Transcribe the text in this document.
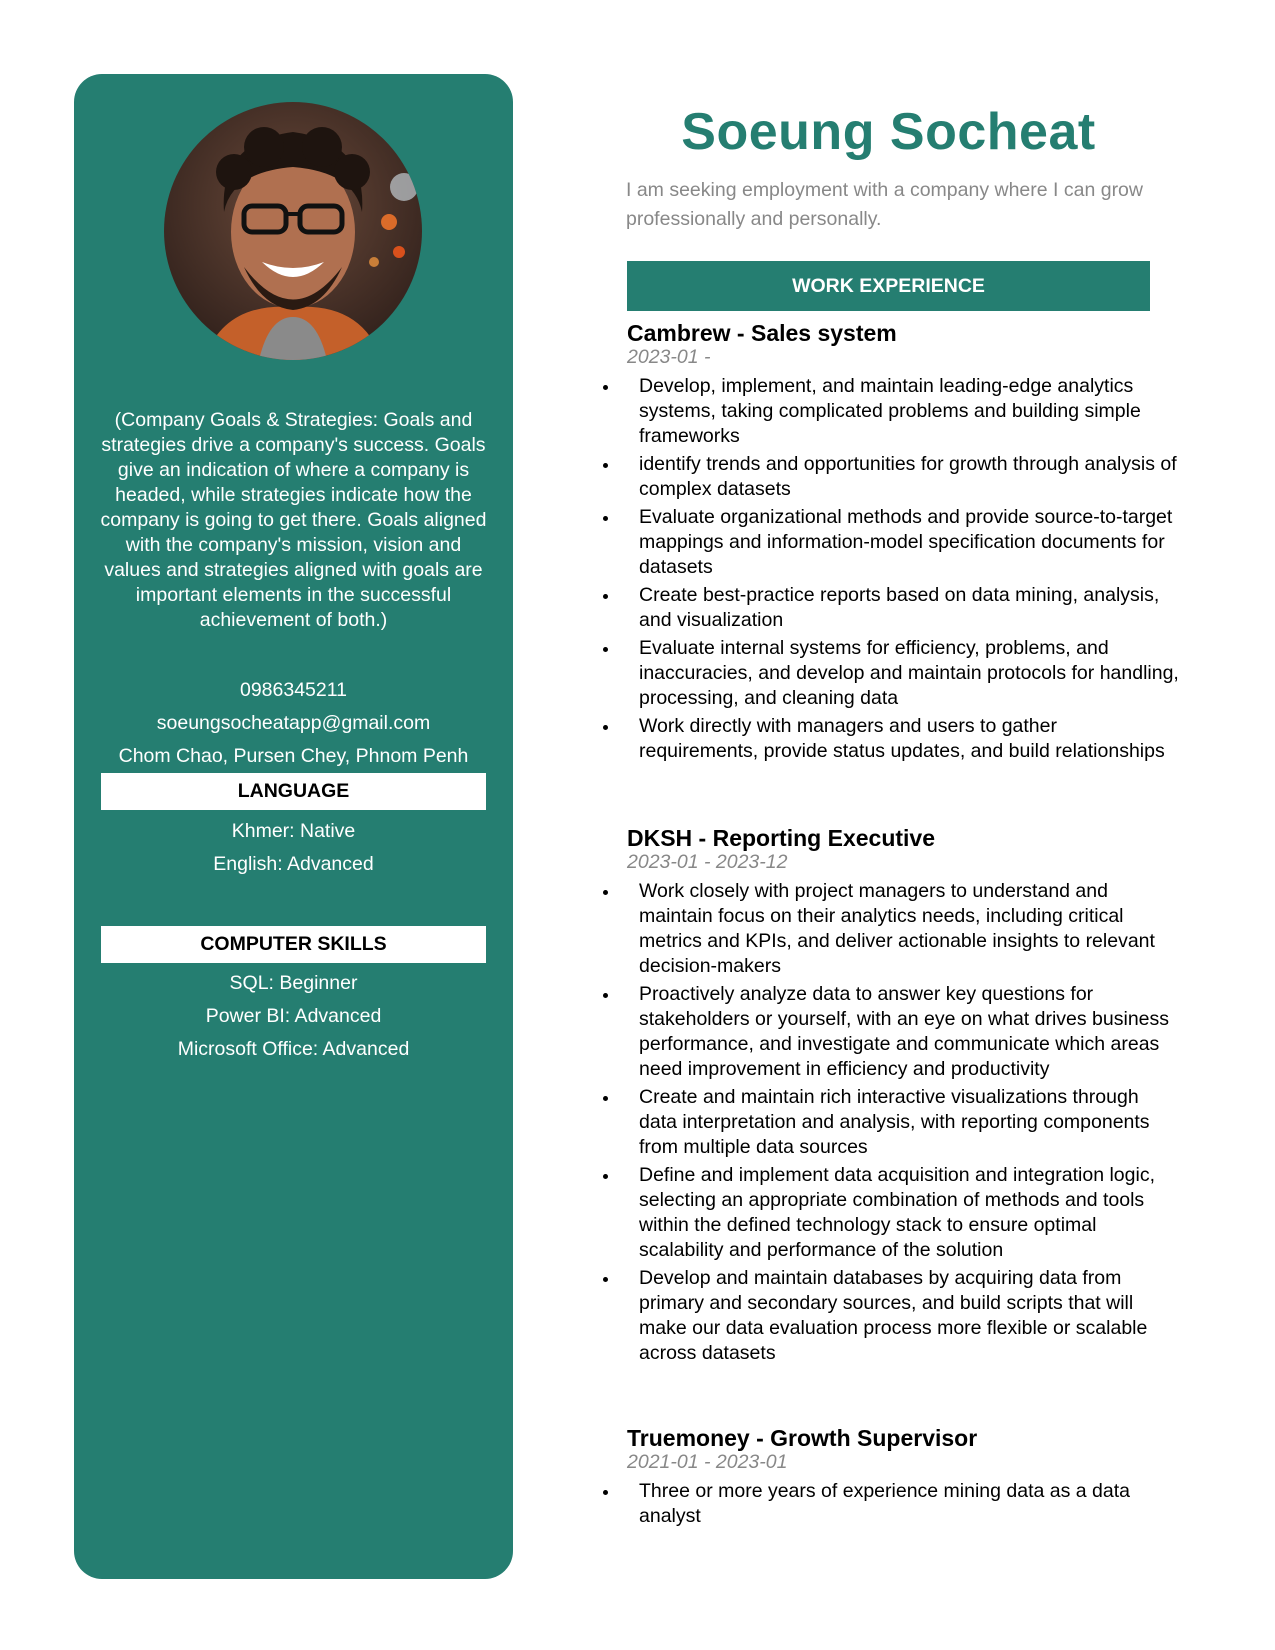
(Company Goals & Strategies: Goals and strategies drive a company's success. Goals give an indication of where a company is headed, while strategies indicate how the company is going to get there. Goals aligned with the company's mission, vision and values and strategies aligned with goals are important elements in the successful achievement of both.)
0986345211
soeungsocheatapp@gmail.com
Chom Chao, Pursen Chey, Phnom Penh
LANGUAGE
Khmer: Native
English: Advanced
COMPUTER SKILLS
SQL: Beginner
Power BI: Advanced
Microsoft Office: Advanced
Soeung Socheat
I am seeking employment with a company where I can grow professionally and personally.
WORK EXPERIENCE
Cambrew - Sales system
2023-01 -
Develop, implement, and maintain leading-edge analytics systems, taking complicated problems and building simple frameworks
identify trends and opportunities for growth through analysis of complex datasets
Evaluate organizational methods and provide source-to-target mappings and information-model specification documents for datasets
Create best-practice reports based on data mining, analysis, and visualization
Evaluate internal systems for efficiency, problems, and inaccuracies, and develop and maintain protocols for handling, processing, and cleaning data
Work directly with managers and users to gather requirements, provide status updates, and build relationships
DKSH - Reporting Executive
2023-01 - 2023-12
Work closely with project managers to understand and maintain focus on their analytics needs, including critical metrics and KPIs, and deliver actionable insights to relevant decision-makers
Proactively analyze data to answer key questions for stakeholders or yourself, with an eye on what drives business performance, and investigate and communicate which areas need improvement in efficiency and productivity
Create and maintain rich interactive visualizations through data interpretation and analysis, with reporting components from multiple data sources
Define and implement data acquisition and integration logic, selecting an appropriate combination of methods and tools within the defined technology stack to ensure optimal scalability and performance of the solution
Develop and maintain databases by acquiring data from primary and secondary sources, and build scripts that will make our data evaluation process more flexible or scalable across datasets
Truemoney - Growth Supervisor
2021-01 - 2023-01
Three or more years of experience mining data as a data analyst
